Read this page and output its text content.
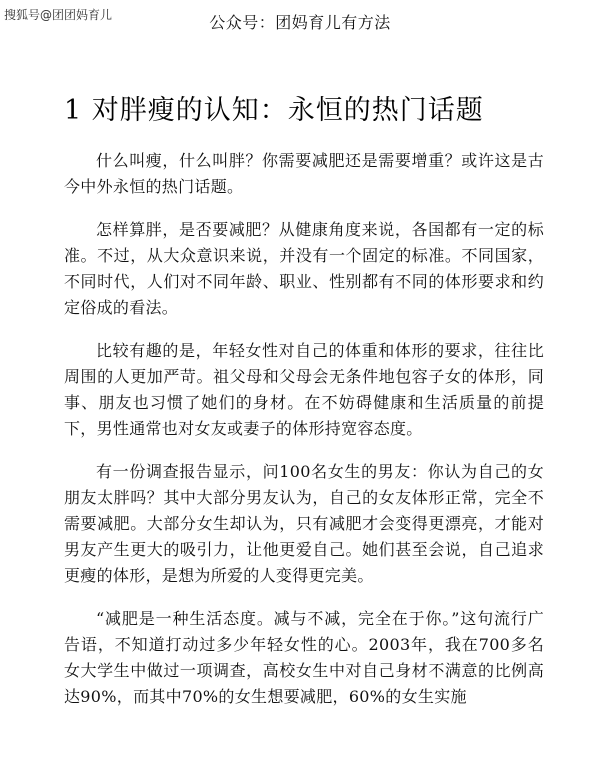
搜狐号@团团妈育儿	公众号：团妈育儿有方法
1 对胖瘦的认知：永恒的热门话题

什么叫瘦，什么叫胖？你需要减肥还是需要增重？或许这是古今中外永恒的热门话题。

怎样算胖，是否要减肥？从健康角度来说，各国都有一定的标准。不过，从大众意识来说，并没有一个固定的标准。不同国家，不同时代，人们对不同年龄、职业、性别都有不同的体形要求和约定俗成的看法。

比较有趣的是，年轻女性对自己的体重和体形的要求，往往比周围的人更加严苛。祖父母和父母会无条件地包容子女的体形，同事、朋友也习惯了她们的身材。在不妨碍健康和生活质量的前提下，男性通常也对女友或妻子的体形持宽容态度。

有一份调查报告显示，问100名女生的男友：你认为自己的女朋友太胖吗？其中大部分男友认为，自己的女友体形正常，完全不需要减肥。大部分女生却认为，只有减肥才会变得更漂亮，才能对男友产生更大的吸引力，让他更爱自己。她们甚至会说，自己追求更瘦的体形，是想为所爱的人变得更完美。

“减肥是一种生活态度。减与不减，完全在于你。”这句流行广告语，不知道打动过多少年轻女性的心。2003年，我在700多名女大学生中做过一项调查，高校女生中对自己身材不满意的比例高达90%，而其中70%的女生想要减肥，60%的女生实施
